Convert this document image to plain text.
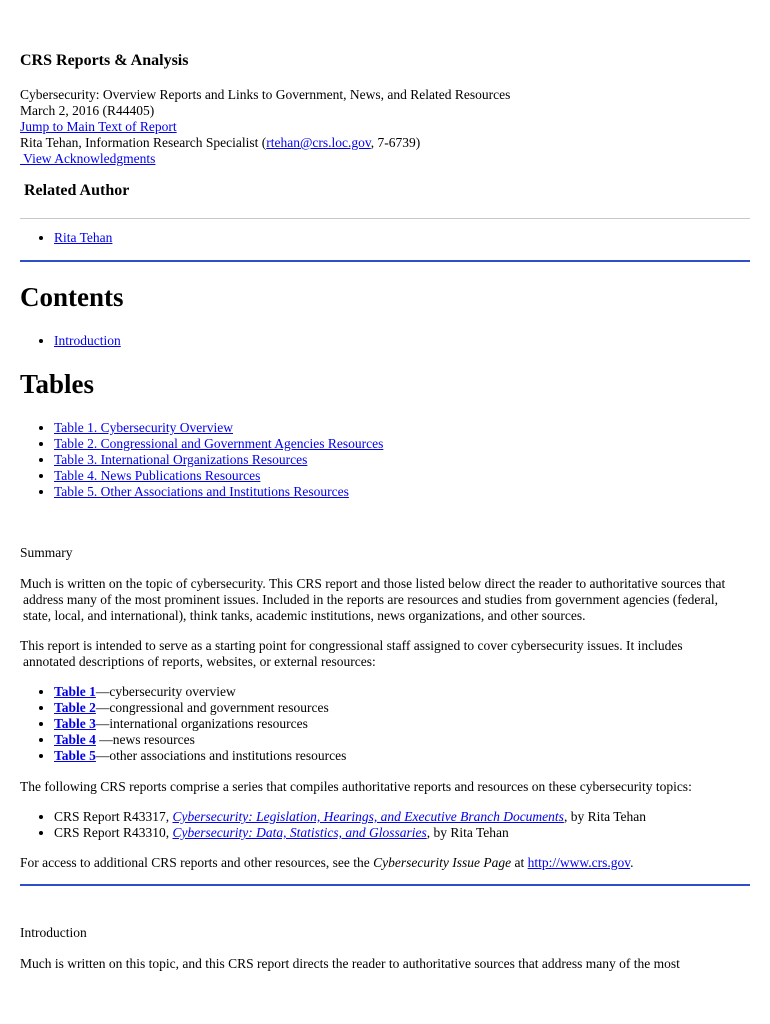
CRS Reports & Analysis
Cybersecurity: Overview Reports and Links to Government, News, and Related Resources
March 2, 2016 (R44405)
Jump to Main Text of Report
Rita Tehan, Information Research Specialist (rtehan@crs.loc.gov, 7-6739)
View Acknowledgments
Related Author
• Rita Tehan
Contents
• Introduction
Tables
• Table 1. Cybersecurity Overview
• Table 2. Congressional and Government Agencies Resources
• Table 3. International Organizations Resources
• Table 4. News Publications Resources
• Table 5. Other Associations and Institutions Resources
Summary
Much is written on the topic of cybersecurity. This CRS report and those listed below direct the reader to authoritative sources that
address many of the most prominent issues. Included in the reports are resources and studies from government agencies (federal,
state, local, and international), think tanks, academic institutions, news organizations, and other sources.
This report is intended to serve as a starting point for congressional staff assigned to cover cybersecurity issues. It includes
annotated descriptions of reports, websites, or external resources:
• Table 1—cybersecurity overview
• Table 2—congressional and government resources
• Table 3—international organizations resources
• Table 4 —news resources
• Table 5—other associations and institutions resources
The following CRS reports comprise a series that compiles authoritative reports and resources on these cybersecurity topics:
• CRS Report R43317, Cybersecurity: Legislation, Hearings, and Executive Branch Documents, by Rita Tehan
• CRS Report R43310, Cybersecurity: Data, Statistics, and Glossaries, by Rita Tehan
For access to additional CRS reports and other resources, see the Cybersecurity Issue Page at http://www.crs.gov.
Introduction
Much is written on this topic, and this CRS report directs the reader to authoritative sources that address many of the most
